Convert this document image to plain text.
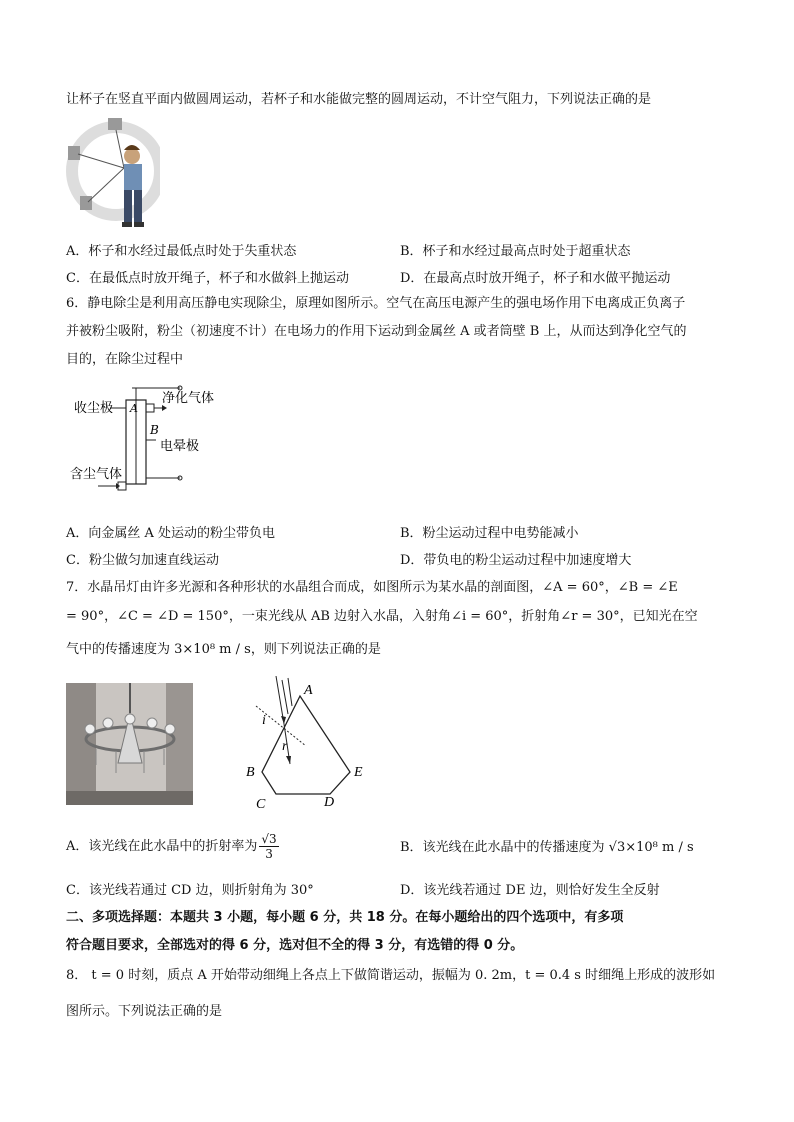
让杯子在竖直平面内做圆周运动，若杯子和水能做完整的圆周运动，不计空气阻力，下列说法正确的是
A．杯子和水经过最低点时处于失重状态	B．杯子和水经过最高点时处于超重状态
C．在最低点时放开绳子，杯子和水做斜上抛运动	D．在最高点时放开绳子，杯子和水做平抛运动
6．静电除尘是利用高压静电实现除尘，原理如图所示。空气在高压电源产生的强电场作用下电离成正负离子
并被粉尘吸附，粉尘（初速度不计）在电场力的作用下运动到金属丝 A 或者筒壁 B 上，从而达到净化空气的
目的，在除尘过程中
收尘极
净化气体
电晕极
含尘气体
A
B
A．向金属丝 A 处运动的粉尘带负电	B．粉尘运动过程中电势能减小
C．粉尘做匀加速直线运动	D．带负电的粉尘运动过程中加速度增大
7．水晶吊灯由许多光源和各种形状的水晶组合而成，如图所示为某水晶的剖面图，∠A = 60°，∠B = ∠E
= 90°，∠C = ∠D = 150°，一束光线从 AB 边射入水晶，入射角∠i = 60°，折射角∠r = 30°，已知光在空
气中的传播速度为 3×10⁸ m / s，则下列说法正确的是
A
B
C	D
E
i
r
A．该光线在此水晶中的折射率为 $\frac{√3}{3}$	B．该光线在此水晶中的传播速度为 √3×10⁸ m / s
C．该光线若通过 CD 边，则折射角为 30°	D．该光线若通过 DE 边，则恰好发生全反射
二、多项选择题：本题共 3 小题，每小题 6 分，共 18 分。在每小题给出的四个选项中，有多项
符合题目要求，全部选对的得 6 分，选对但不全的得 3 分，有选错的得 0 分。
8． t = 0 时刻，质点 A 开始带动细绳上各点上下做简谐运动，振幅为 0. 2m，t = 0.4 s 时细绳上形成的波形如
图所示。下列说法正确的是
